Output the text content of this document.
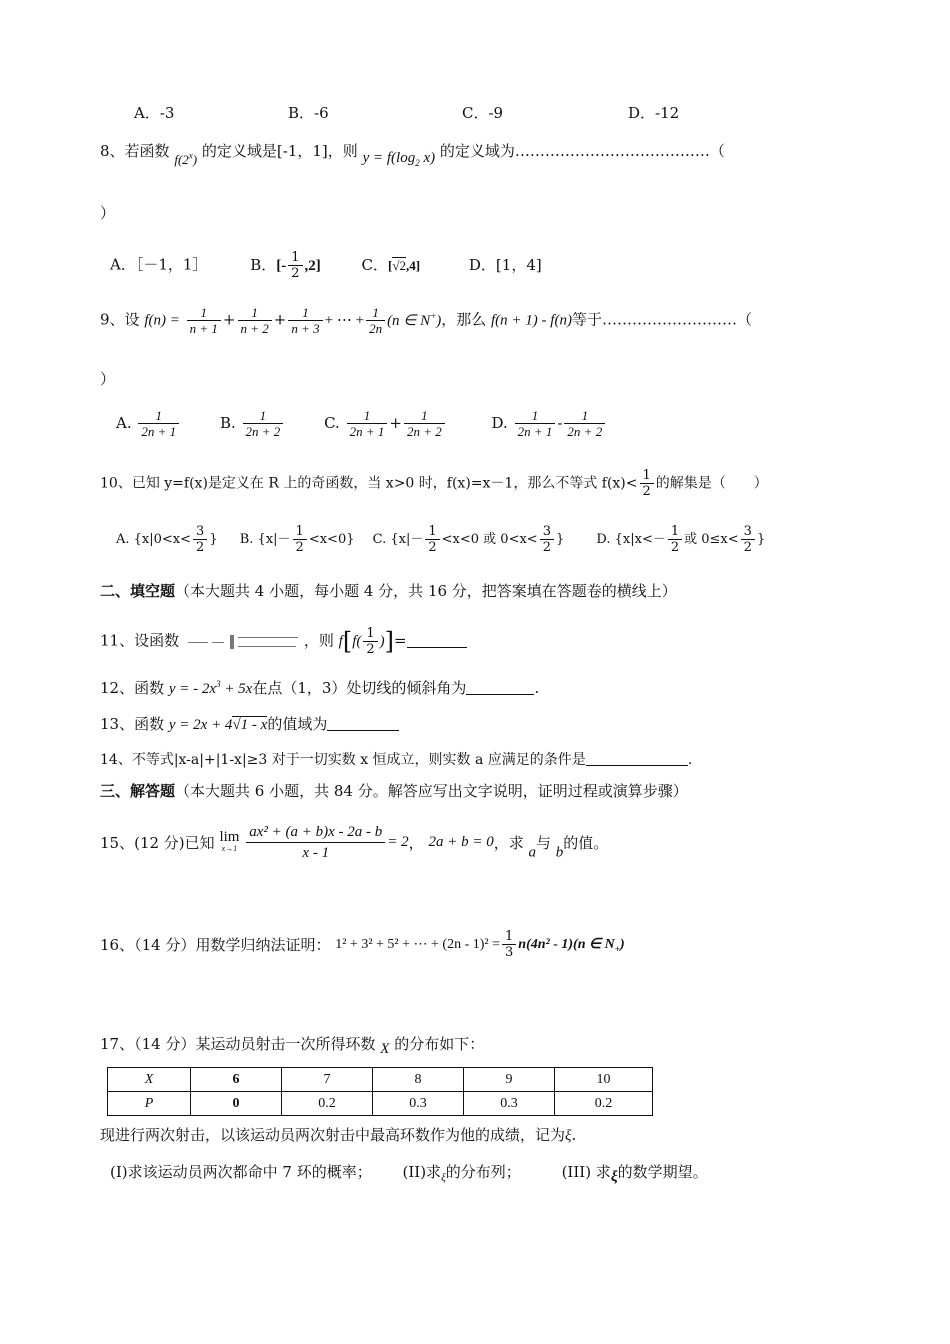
A．-3	B．-6	C．-9	D．-12
8、若函数 f(2$^x$) 的定义域是[-1，1]，则 $y = f(\log_2$ x) 的定义域为…………………………………（
）
A．［－1，1］	B．[- $\frac{1}{2} ,2$]	C．[√2,4]	D．[1，4]
9、设 $f(n) = \frac{1}{n + 1} + \frac{1}{n + 2} + \frac{1}{n + 3}$ + ⋯ + $\frac{1}{2n} (n$ ∈ N+)，那么 f(n + 1) - f(n)等于………………………（
）
A. $\frac{1}{2n + 1}$	B. $\frac{1}{2n + 2}$	C. $\frac{1}{2n + 1} + \frac{1}{2n + 2}$	D. $\frac{1}{2n + 1} - \frac{1}{2n + 2}$
10、已知 y=f(x)是定义在 R 上的奇函数，当 x>0 时，f(x)=x－1，那么不等式 $f(x)< \frac{1}{2}$ 的解集是（　　）
A. {$x|0<x< \frac{3}{2}$ } B. $\{x|- \frac{1}{2} <x<0\}$ C. {$x|- \frac{1}{2} <x<0$ 或 $0<x< \frac{3}{2}$ } D. {$x|x<- \frac{1}{2}$ 或 $0\le x< \frac{3}{2}$ }
二、填空题（本大题共 4 小题，每小题 4 分，共 16 分，把答案填在答题卷的横线上）
11、设函数	，则 $f[f( \frac{1}{2}$ )]=
12、函数 y = - $2x^3 + 5x$在点（1，3）处切线的倾斜角为	.
13、函数 y = 2x + 4√1 - x的值域为
14、不等式|x-a|+|1-x|≥3 对于一切实数 x 恒成立，则实数 a 应满足的条件是	.
三、解答题（本大题共 6 小题，共 84 分。解答应写出文字说明，证明过程或演算步骤）
15、(12 分)已知 lim
x→1
$\frac{\text{ax² + (a + b)x - 2a - b}}{x - 1} = 2$， 2a + b = 0，求 a与 b的值。
16、（14 分）用数学归纳法证明： 1² + 3² + 5² + ⋯ + $(2n - 1)^2 = \frac{1}{3} n(4n^2 - 1)(n$ ∈ $N_+$)
17、（14 分）某运动员射击一次所得环数 X 的分布如下：
X	6	7	8	9	10
P	0	0.2	0.3	0.3	0.2
现进行两次射击，以该运动员两次射击中最高环数作为他的成绩，记为ξ.
(I)求该运动员两次都命中 7 环的概率； (II)求$_\xi$的分布列；	(III) 求ξ的数学期望。
